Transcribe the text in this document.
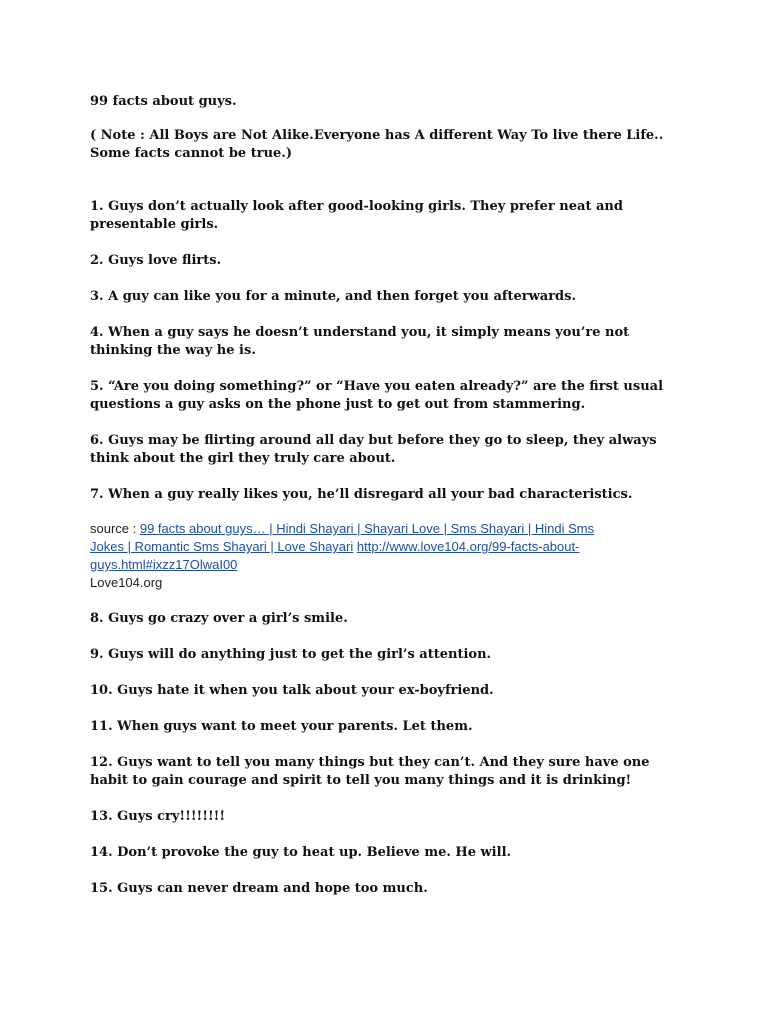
99 facts about guys.

( Note : All Boys are Not Alike.Everyone has A different Way To live there Life.. Some facts cannot be true.)

1. Guys don’t actually look after good-looking girls. They prefer neat and presentable girls.

2. Guys love flirts.

3. A guy can like you for a minute, and then forget you afterwards.

4. When a guy says he doesn’t understand you, it simply means you’re not thinking the way he is.

5. “Are you doing something?” or “Have you eaten already?” are the first usual questions a guy asks on the phone just to get out from stammering.

6. Guys may be flirting around all day but before they go to sleep, they always think about the girl they truly care about.

7. When a guy really likes you, he’ll disregard all your bad characteristics.

source : 99 facts about guys… | Hindi Shayari | Shayari Love | Sms Shayari | Hindi Sms Jokes | Romantic Sms Shayari | Love Shayari http://www.love104.org/99-facts-about-guys.html#ixzz17OlwaI00
Love104.org

8. Guys go crazy over a girl’s smile.

9. Guys will do anything just to get the girl’s attention.

10. Guys hate it when you talk about your ex-boyfriend.

11. When guys want to meet your parents. Let them.

12. Guys want to tell you many things but they can’t. And they sure have one habit to gain courage and spirit to tell you many things and it is drinking!

13. Guys cry!!!!!!!!

14. Don’t provoke the guy to heat up. Believe me. He will.

15. Guys can never dream and hope too much.
